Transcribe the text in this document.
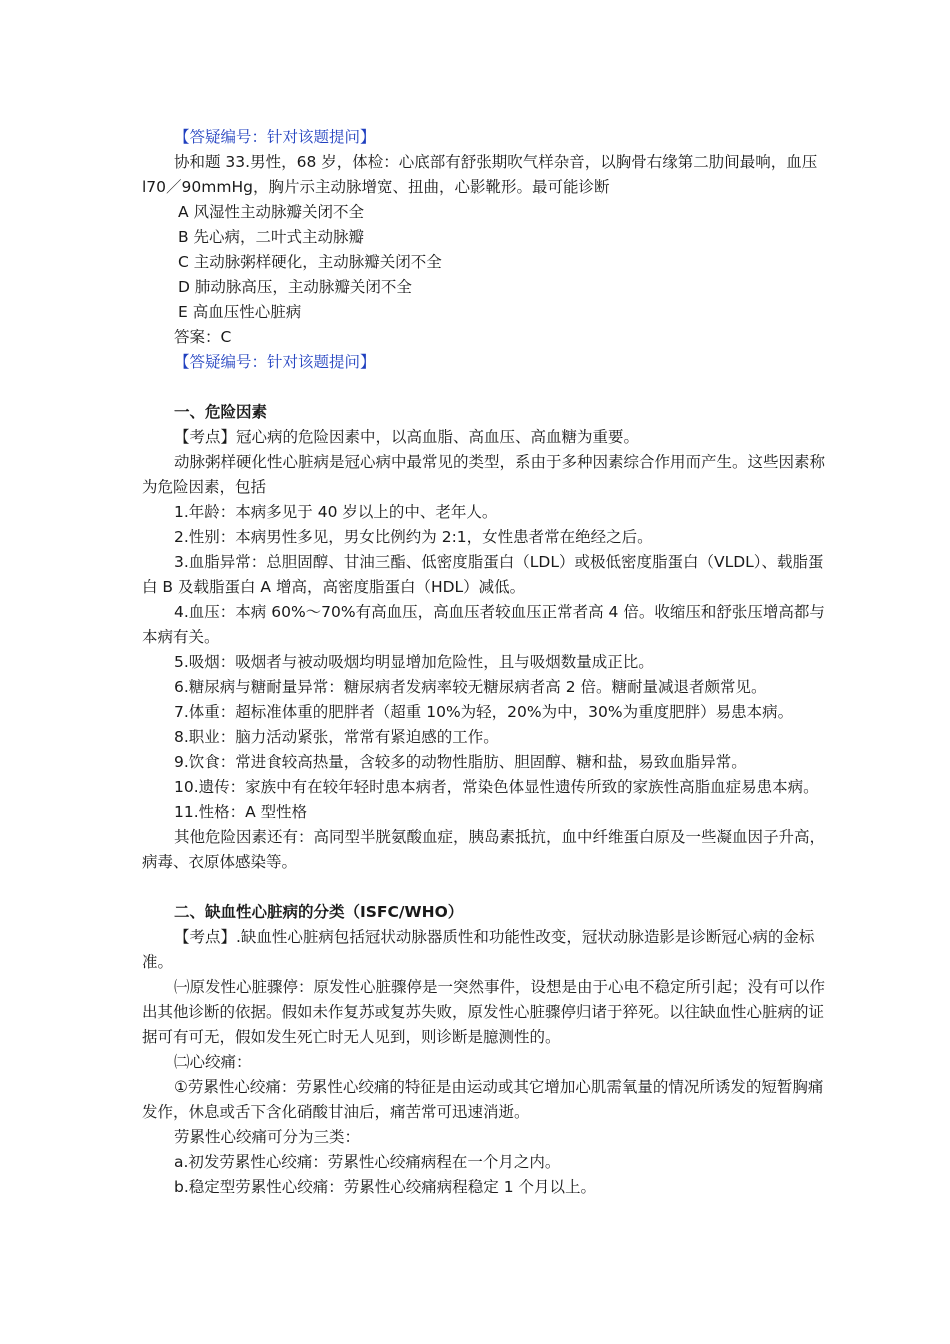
【答疑编号：针对该题提问】
协和题 33.男性，68 岁，体检：心底部有舒张期吹气样杂音，以胸骨右缘第二肋间最响，血压 l70／90mmHg，胸片示主动脉增宽、扭曲，心影靴形。最可能诊断
A 风湿性主动脉瓣关闭不全
B 先心病，二叶式主动脉瓣
C 主动脉粥样硬化，主动脉瓣关闭不全
D 肺动脉高压，主动脉瓣关闭不全
E 高血压性心脏病
答案：C
【答疑编号：针对该题提问】
一、危险因素
【考点】冠心病的危险因素中，以高血脂、高血压、高血糖为重要。
动脉粥样硬化性心脏病是冠心病中最常见的类型，系由于多种因素综合作用而产生。这些因素称为危险因素，包括
1.年龄：本病多见于 40 岁以上的中、老年人。
2.性别：本病男性多见，男女比例约为 2:1，女性患者常在绝经之后。
3.血脂异常：总胆固醇、甘油三酯、低密度脂蛋白（LDL）或极低密度脂蛋白（VLDL）、载脂蛋白 B 及载脂蛋白 A 增高，高密度脂蛋白（HDL）减低。
4.血压：本病 60%～70%有高血压，高血压者较血压正常者高 4 倍。收缩压和舒张压增高都与本病有关。
5.吸烟：吸烟者与被动吸烟均明显增加危险性，且与吸烟数量成正比。
6.糖尿病与糖耐量异常：糖尿病者发病率较无糖尿病者高 2 倍。糖耐量减退者颇常见。
7.体重：超标准体重的肥胖者（超重 10%为轻，20%为中，30%为重度肥胖）易患本病。
8.职业：脑力活动紧张，常常有紧迫感的工作。
9.饮食：常进食较高热量，含较多的动物性脂肪、胆固醇、糖和盐，易致血脂异常。
10.遗传：家族中有在较年轻时患本病者，常染色体显性遗传所致的家族性高脂血症易患本病。
11.性格：A 型性格
其他危险因素还有：高同型半胱氨酸血症，胰岛素抵抗，血中纤维蛋白原及一些凝血因子升高，病毒、衣原体感染等。
二、缺血性心脏病的分类（ISFC/WHO）
【考点】.缺血性心脏病包括冠状动脉器质性和功能性改变，冠状动脉造影是诊断冠心病的金标准。
㈠原发性心脏骤停：原发性心脏骤停是一突然事件，设想是由于心电不稳定所引起；没有可以作出其他诊断的依据。假如未作复苏或复苏失败，原发性心脏骤停归诸于猝死。以往缺血性心脏病的证据可有可无，假如发生死亡时无人见到，则诊断是臆测性的。
㈡心绞痛：
①劳累性心绞痛：劳累性心绞痛的特征是由运动或其它增加心肌需氧量的情况所诱发的短暂胸痛发作，休息或舌下含化硝酸甘油后，痛苦常可迅速消逝。
劳累性心绞痛可分为三类：
a.初发劳累性心绞痛：劳累性心绞痛病程在一个月之内。
b.稳定型劳累性心绞痛：劳累性心绞痛病程稳定 1 个月以上。
